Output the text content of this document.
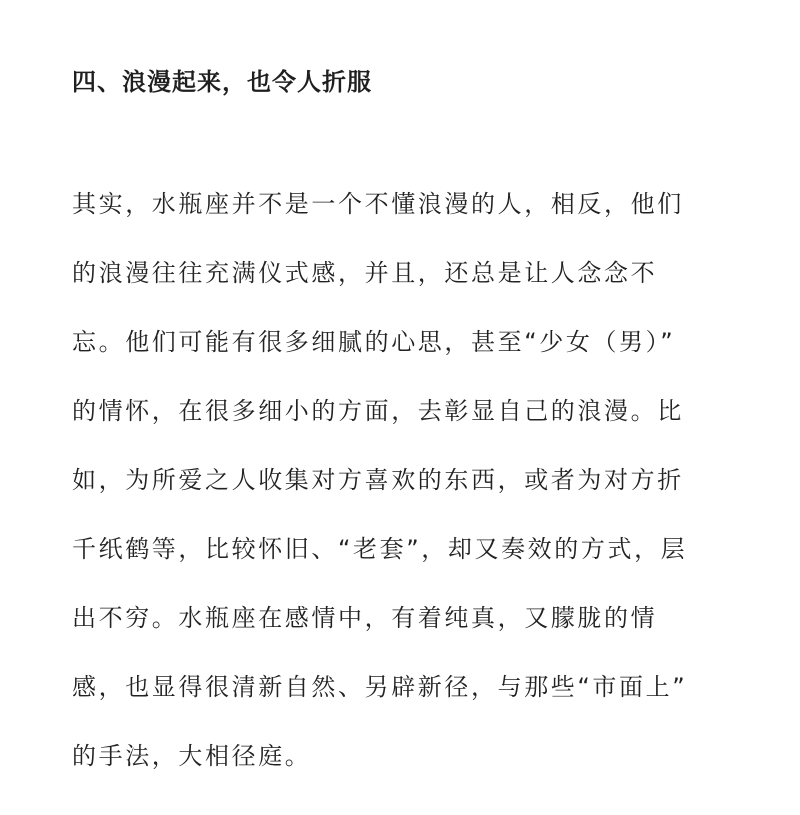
四、浪漫起来，也令人折服
其实，水瓶座并不是一个不懂浪漫的人，相反，他们
的浪漫往往充满仪式感，并且，还总是让人念念不
忘。他们可能有很多细腻的心思，甚至“少女（男）”
的情怀，在很多细小的方面，去彰显自己的浪漫。比
如，为所爱之人收集对方喜欢的东西，或者为对方折
千纸鹤等，比较怀旧、“老套”，却又奏效的方式，层
出不穷。水瓶座在感情中，有着纯真，又朦胧的情
感，也显得很清新自然、另辟新径，与那些“市面上”
的手法，大相径庭。
